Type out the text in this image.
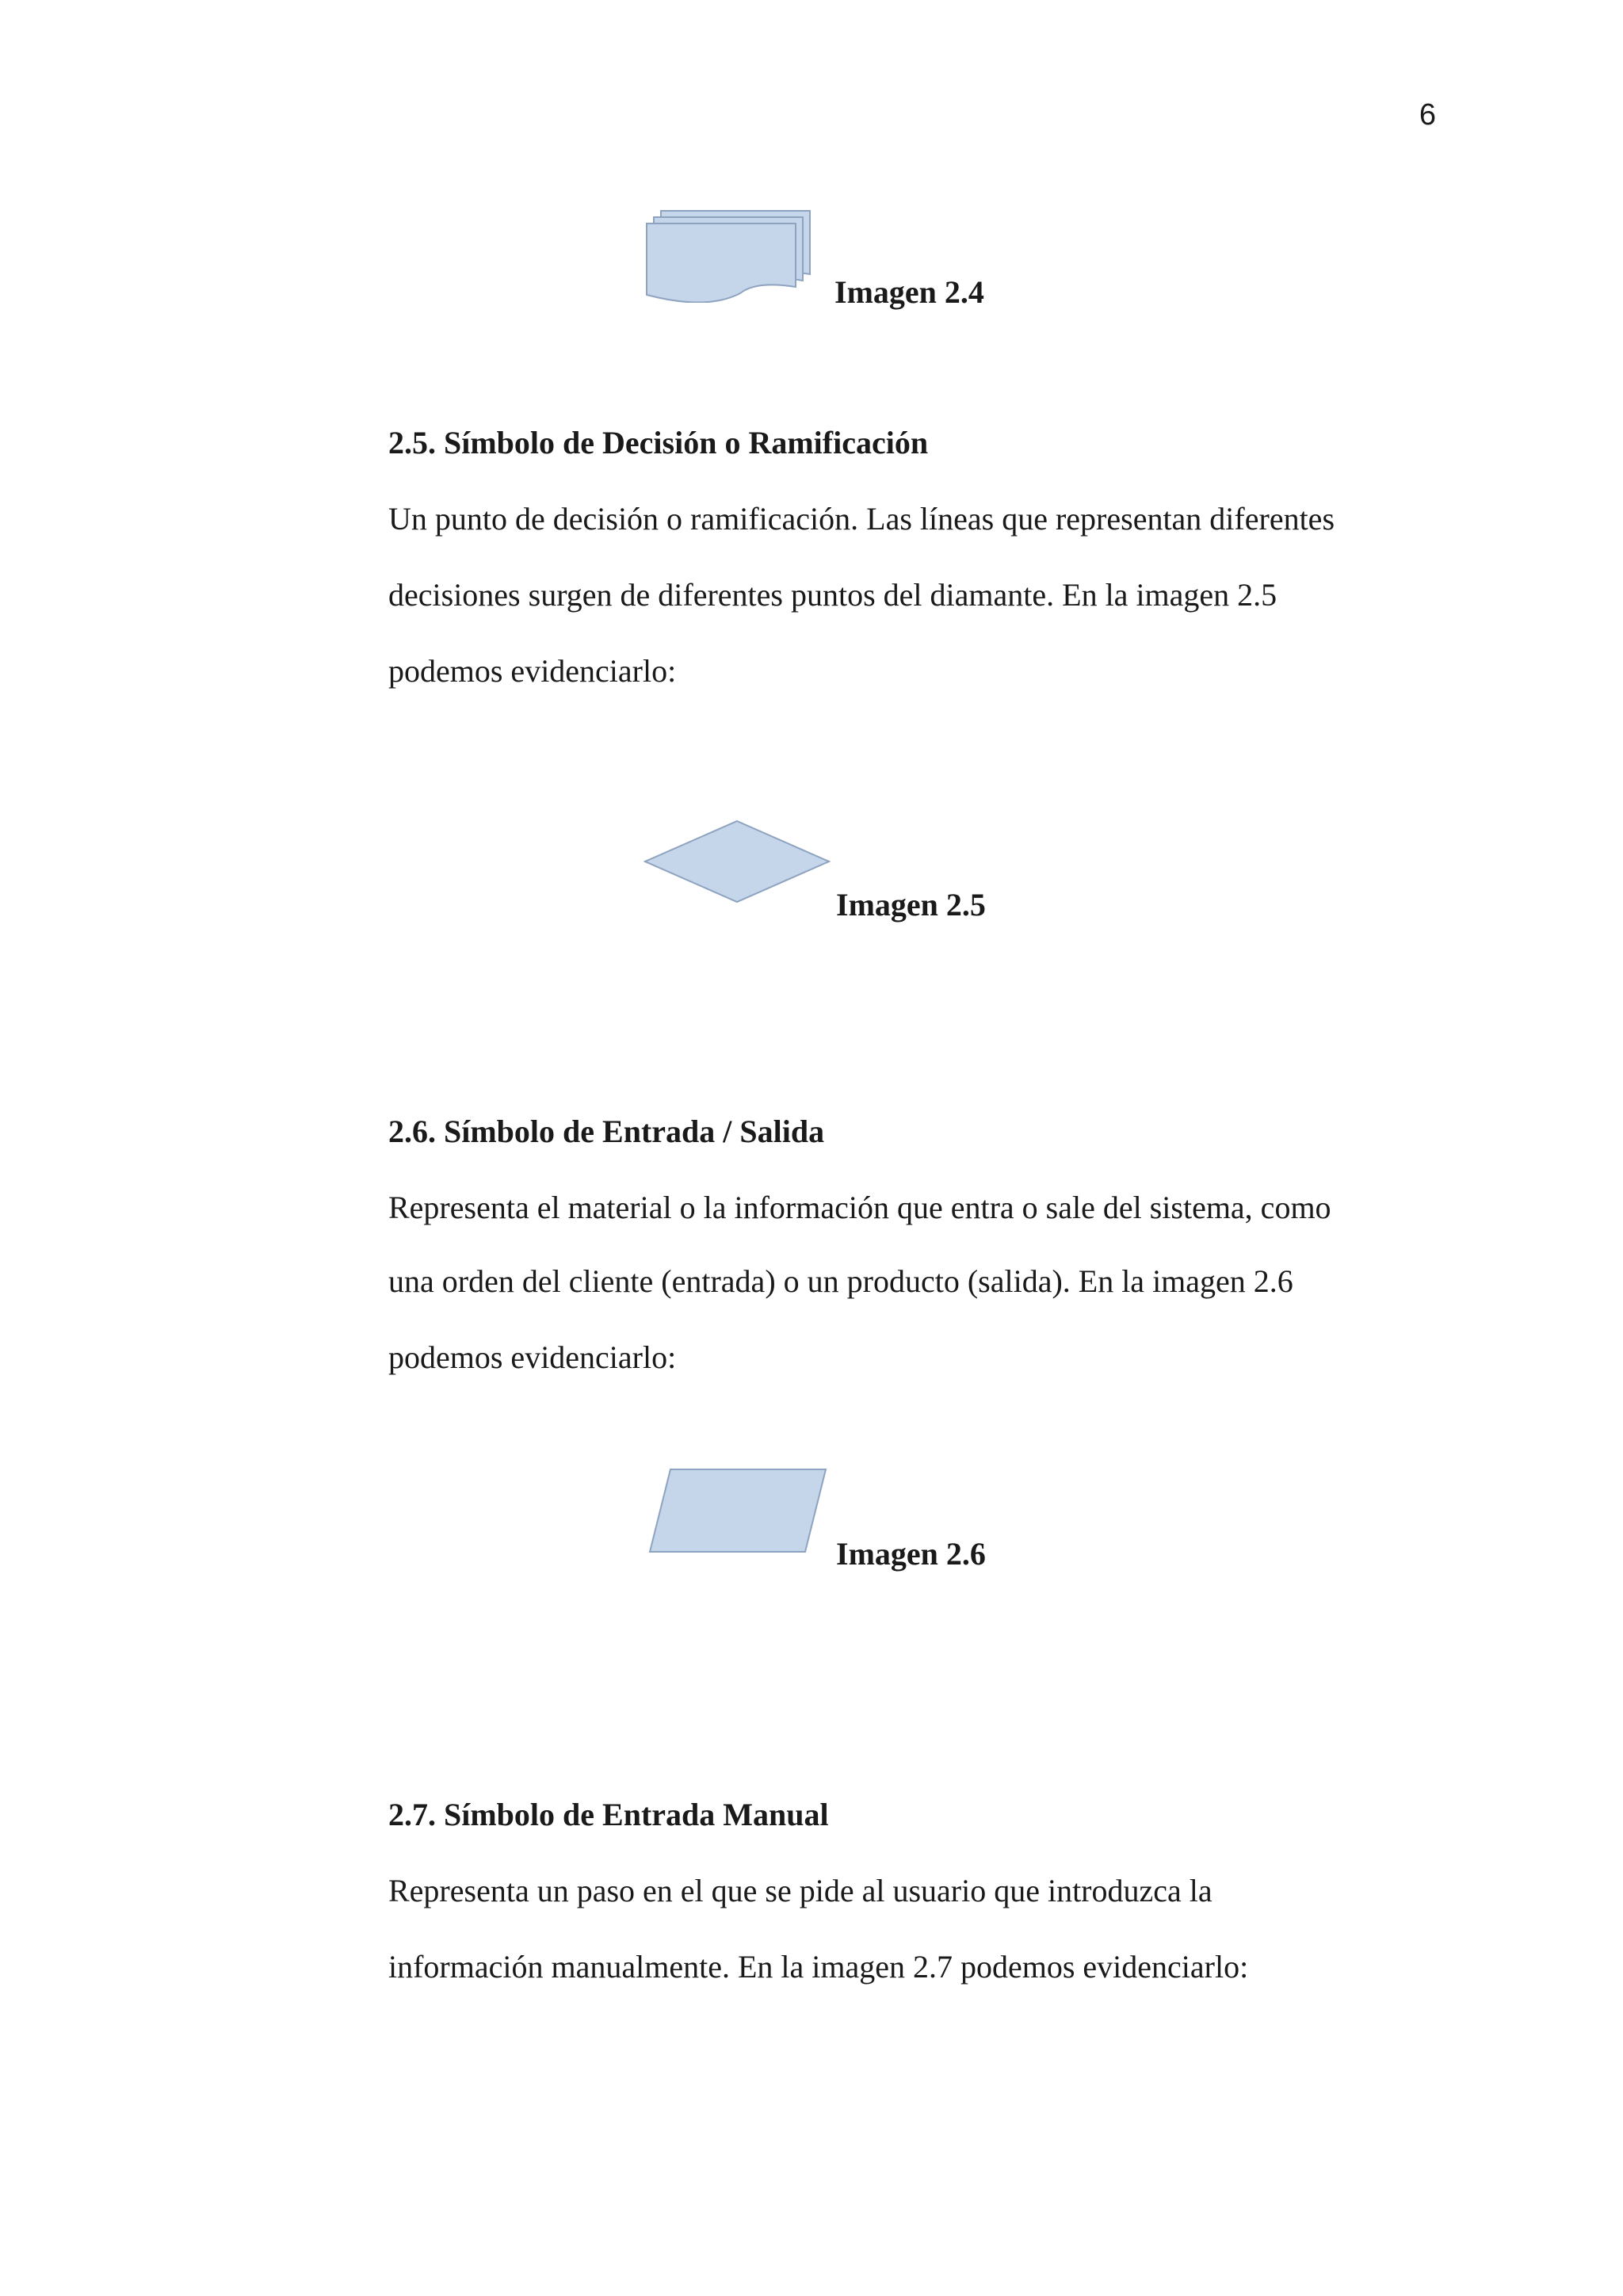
6
Imagen 2.4
2.5. Símbolo de Decisión o Ramificación
Un punto de decisión o ramificación. Las líneas que representan diferentes
decisiones surgen de diferentes puntos del diamante. En la imagen 2.5
podemos evidenciarlo:
Imagen 2.5
2.6. Símbolo de Entrada / Salida
Representa el material o la información que entra o sale del sistema, como
una orden del cliente (entrada) o un producto (salida). En la imagen 2.6
podemos evidenciarlo:
Imagen 2.6
2.7. Símbolo de Entrada Manual
Representa un paso en el que se pide al usuario que introduzca la
información manualmente. En la imagen 2.7 podemos evidenciarlo:
